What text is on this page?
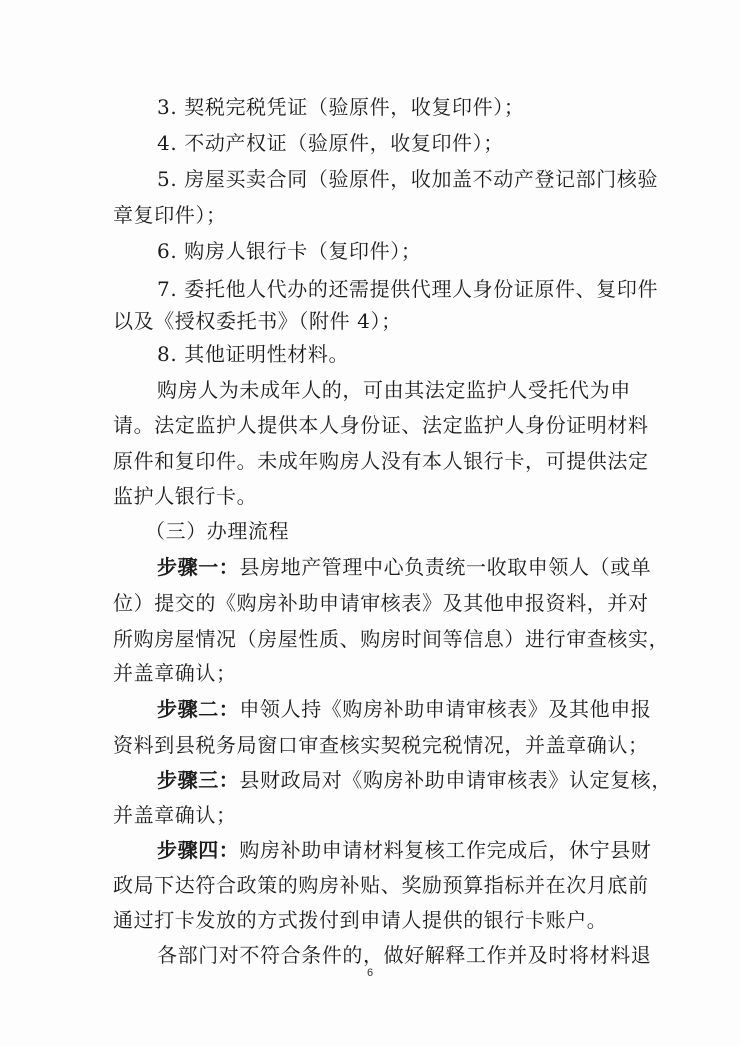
3. 契税完税凭证（验原件，收复印件）；
4. 不动产权证（验原件，收复印件）；
5. 房屋买卖合同（验原件，收加盖不动产登记部门核验
章复印件）；
6. 购房人银行卡（复印件）；
7. 委托他人代办的还需提供代理人身份证原件、复印件
以及《授权委托书》（附件 4）；
8. 其他证明性材料。
购房人为未成年人的，可由其法定监护人受托代为申
请。法定监护人提供本人身份证、法定监护人身份证明材料
原件和复印件。未成年购房人没有本人银行卡，可提供法定
监护人银行卡。
（三）办理流程
步骤一：县房地产管理中心负责统一收取申领人（或单
位）提交的《购房补助申请审核表》及其他申报资料，并对
所购房屋情况（房屋性质、购房时间等信息）进行审查核实，
并盖章确认；
步骤二：申领人持《购房补助申请审核表》及其他申报
资料到县税务局窗口审查核实契税完税情况，并盖章确认；
步骤三：县财政局对《购房补助申请审核表》认定复核，
并盖章确认；
步骤四：购房补助申请材料复核工作完成后，休宁县财
政局下达符合政策的购房补贴、奖励预算指标并在次月底前
通过打卡发放的方式拨付到申请人提供的银行卡账户。
各部门对不符合条件的，做好解释工作并及时将材料退
6
